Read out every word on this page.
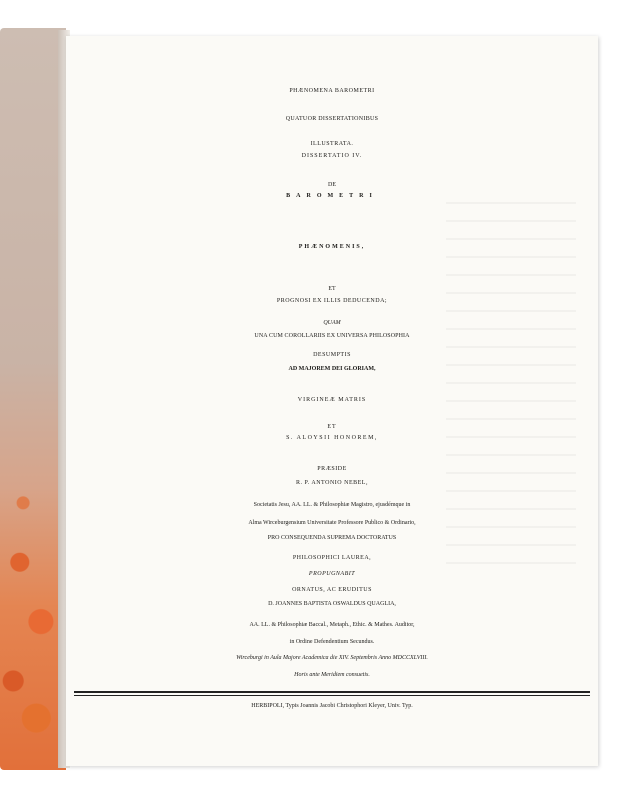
PHÆNOMENA BAROMETRI
QUATUOR DISSERTATIONIBUS
ILLUSTRATA.
DISSERTATIO IV.
DE
BAROMETRI
PHÆNOMENIS,
ET
PROGNOSI EX ILLIS DEDUCENDA;
QUAM
UNA CUM COROLLARIIS EX UNIVERSA PHILOSOPHIA
DESUMPTIS
AD MAJOREM DEI GLORIAM,
VIRGINEÆ MATRIS
ET
S. ALOYSII HONOREM,
PRÆSIDE
R. P. ANTONIO NEBEL,
Societatis Jesu, AA. LL. & Philosophiæ Magistro, ejusdémque in
Alma Wirceburgensium Universitate Professore Publico & Ordinario,
PRO CONSEQUENDA SUPREMA DOCTORATUS
PHILOSOPHICI LAUREA,
PROPUGNABIT
ORNATUS, AC ERUDITUS
D. JOANNES BAPTISTA OSWALDUS QUAGLIA,
AA. LL. & Philosophiæ Baccal., Metaph., Ethic. & Mathes. Auditor,
in Ordine Defendentium Secundus.
Wirceburgi in Aula Majore Academica die XIV. Septembris Anno MDCCXLVIII.
Horis ante Meridiem consuetis.
HERBIPOLI, Typis Joannis Jacobi Christophori Kleyer, Univ. Typ.
